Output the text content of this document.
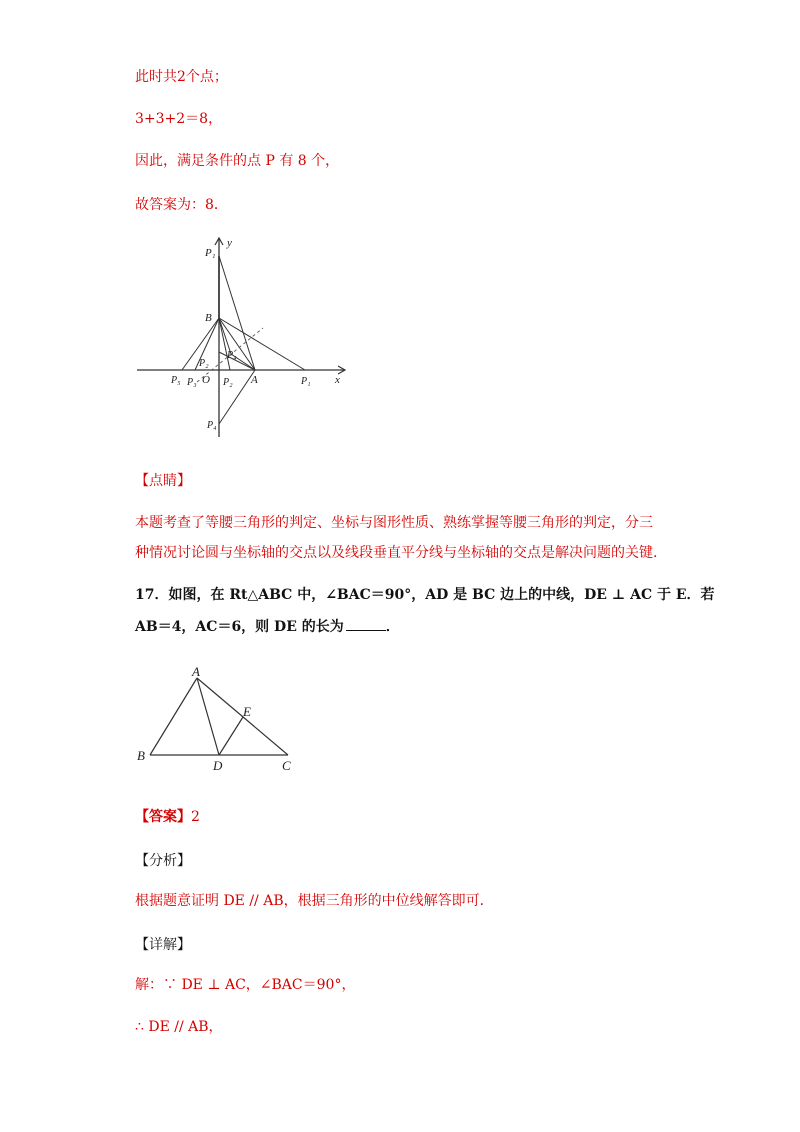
此时共2个点；
3+3+2＝8，
因此，满足条件的点 P 有 8 个，
故答案为：8．
P₁
y
B
P₂
P₄
O	A	x
P₁
P₂
P₃
P₄
P₅
【点睛】
本题考查了等腰三角形的判定、坐标与图形性质、熟练掌握等腰三角形的判定，分三
种情况讨论圆与坐标轴的交点以及线段垂直平分线与坐标轴的交点是解决问题的关键.
17．如图，在 Rt△ABC 中，∠BAC＝90°，AD 是 BC 边上的中线，DE ⊥ AC 于 E．若
AB＝4，AC＝6，则 DE 的长为	．
A
E
B
D	C
【答案】2
【分析】
根据题意证明 DE // AB，根据三角形的中位线解答即可．
【详解】
解：∵ DE ⊥ AC，∠BAC＝90°，
∴ DE // AB，
